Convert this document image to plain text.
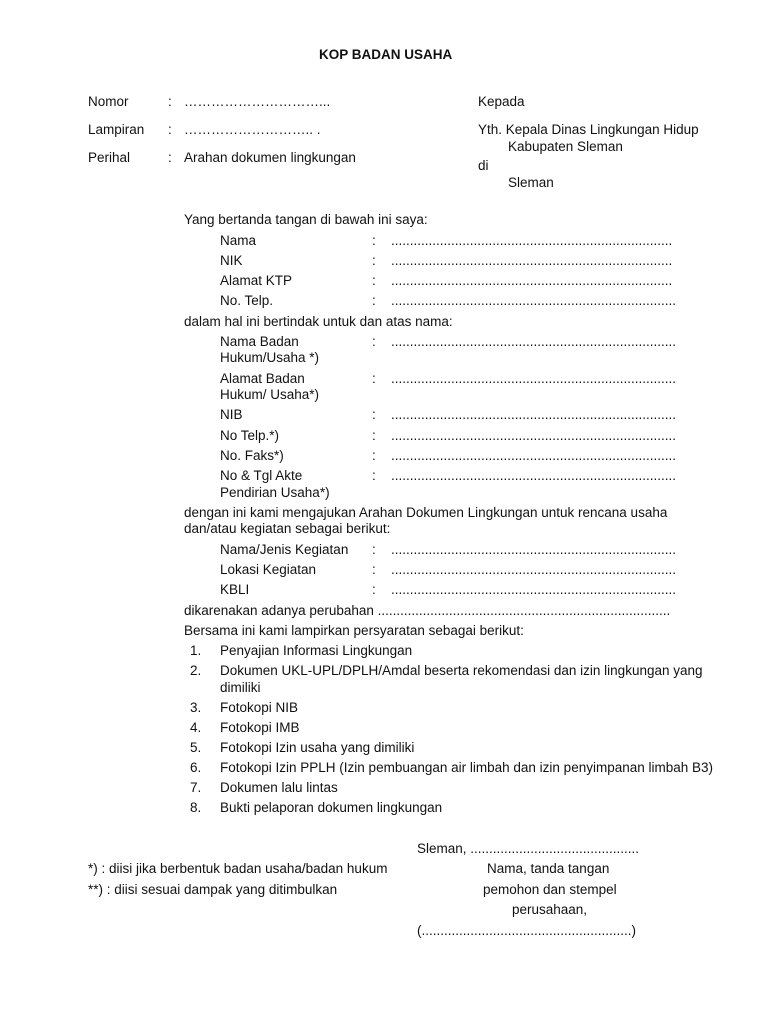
KOP BADAN USAHA
Nomor	: …………………………...
Lampiran : ……………………….. .
Perihal	: Arahan dokumen lingkungan
Kepada
Yth. Kepala Dinas Lingkungan Hidup
Kabupaten Sleman
di
Sleman
Yang bertanda tangan di bawah ini saya:
Nama	: ...........................................................................
NIK	: ...........................................................................
Alamat KTP	: ...........................................................................
No. Telp.	: ............................................................................
dalam hal ini bertindak untuk dan atas nama:
Nama Badan
Hukum/Usaha *)
: ............................................................................
Alamat Badan
Hukum/ Usaha*)
: ............................................................................
NIB	: ............................................................................
No Telp.*)	: ............................................................................
No. Faks*)	: ............................................................................
No & Tgl Akte
Pendirian Usaha*)
: ............................................................................
dengan ini kami mengajukan Arahan Dokumen Lingkungan untuk rencana usaha
dan/atau kegiatan sebagai berikut:
Nama/Jenis Kegiatan : ............................................................................
Lokasi Kegiatan	: ............................................................................
KBLI	: ............................................................................
dikarenakan adanya perubahan ..............................................................................
Bersama ini kami lampirkan persyaratan sebagai berikut:
1. Penyajian Informasi Lingkungan
2. Dokumen UKL-UPL/DPLH/Amdal beserta rekomendasi dan izin lingkungan yang
dimiliki
3. Fotokopi NIB
4. Fotokopi IMB
5. Fotokopi Izin usaha yang dimiliki
6. Fotokopi Izin PPLH (Izin pembuangan air limbah dan izin penyimpanan limbah B3)
7. Dokumen lalu lintas
8. Bukti pelaporan dokumen lingkungan
*) : diisi jika berbentuk badan usaha/badan hukum
**) : diisi sesuai dampak yang ditimbulkan
Sleman, .............................................
Nama, tanda tangan
pemohon dan stempel
perusahaan,
(........................................................)
